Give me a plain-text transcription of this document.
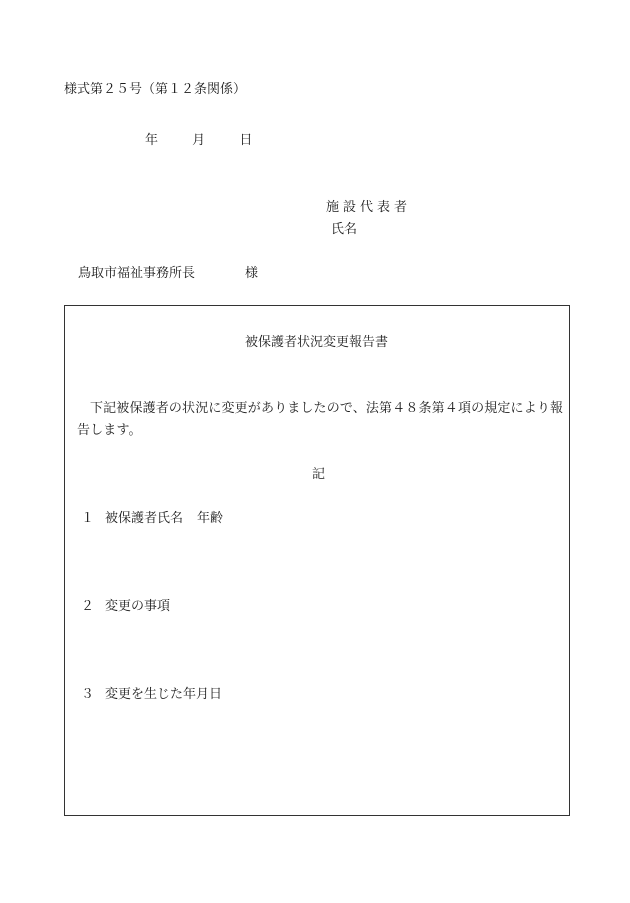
様式第２５号（第１２条関係）
年	月	日
施設代表者
氏名
鳥取市福祉事務所長	様
被保護者状況変更報告書
下記被保護者の状況に変更がありましたので、法第４８条第４項の規定により報告します。
記
１ 被保護者氏名 年齢
２ 変更の事項
３ 変更を生じた年月日
